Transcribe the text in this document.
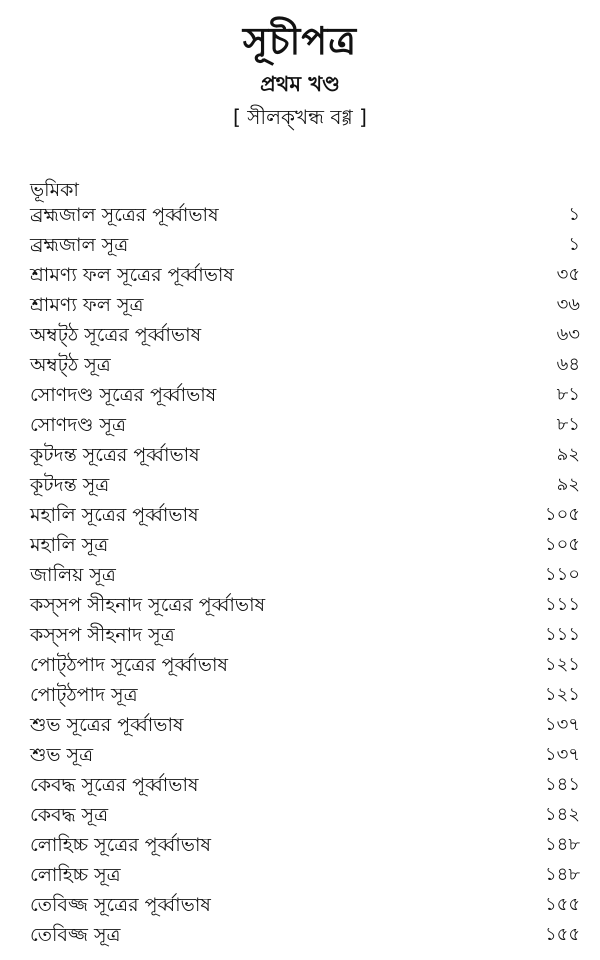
সূচীপত্র
প্রথম খণ্ড
[ সীলক্খন্ধ বগ্গ ]
ভূমিকা
ব্রহ্মজাল সূত্রের পূর্ব্বাভাষ	১
ব্রহ্মজাল সূত্র	১
শ্রামণ্য ফল সূত্রের পূর্ব্বাভাষ	৩৫
শ্রামণ্য ফল সূত্র	৩৬
অম্বট্‌ঠ সূত্রের পূর্ব্বাভাষ	৬৩
অম্বট্‌ঠ সূত্র	৬৪
সোণদণ্ড সূত্রের পূর্ব্বাভাষ	৮১
সোণদণ্ড সূত্র	৮১
কূটদন্ত সূত্রের পূর্ব্বাভাষ	৯২
কূটদন্ত সূত্র	৯২
মহালি সূত্রের পূর্ব্বাভাষ	১০৫
মহালি সূত্র	১০৫
জালিয় সূত্র	১১০
কস্সপ সীহনাদ সূত্রের পূর্ব্বাভাষ	১১১
কস্সপ সীহনাদ সূত্র	১১১
পোট্‌ঠপাদ সূত্রের পূর্ব্বাভাষ	১২১
পোট্‌ঠপাদ সূত্র	১২১
শুভ সূত্রের পূর্ব্বাভাষ	১৩৭
শুভ সূত্র	১৩৭
কেবদ্ধ সূত্রের পূর্ব্বাভাষ	১৪১
কেবদ্ধ সূত্র	১৪২
লোহিচ্চ সূত্রের পূর্ব্বাভাষ	১৪৮
লোহিচ্চ সূত্র	১৪৮
তেবিজ্জ সূত্রের পূর্ব্বাভাষ	১৫৫
তেবিজ্জ সূত্র	১৫৫
